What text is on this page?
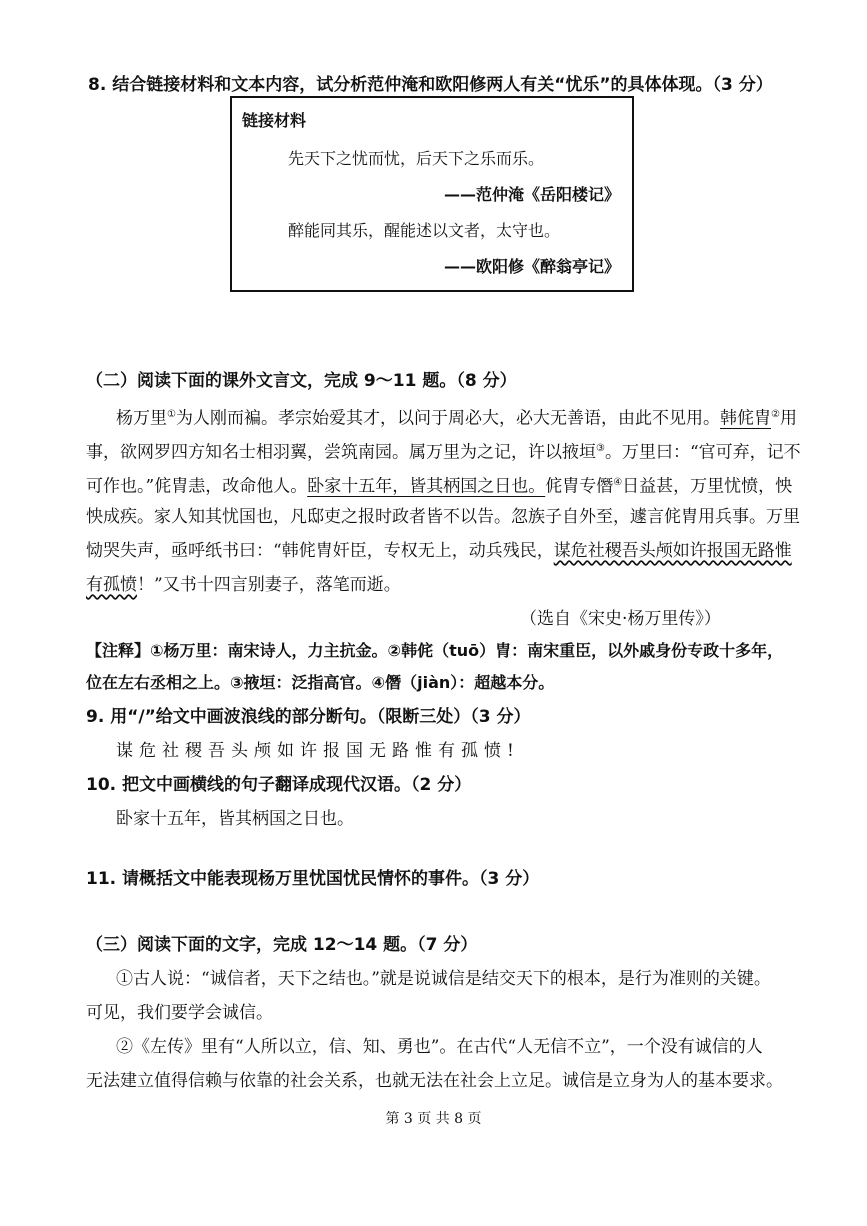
8. 结合链接材料和文本内容，试分析范仲淹和欧阳修两人有关“忧乐”的具体体现。（3 分）
链接材料
先天下之忧而忧，后天下之乐而乐。
——范仲淹《岳阳楼记》
醉能同其乐，醒能述以文者，太守也。
——欧阳修《醉翁亭记》
（二）阅读下面的课外文言文，完成 9～11 题。（8 分）
杨万里①为人刚而褊。孝宗始爱其才，以问于周必大，必大无善语，由此不见用。韩侂胄②用
事，欲网罗四方知名士相羽翼，尝筑南园。属万里为之记，许以掖垣③。万里曰：“官可弃，记不
可作也。”侂胄恚，改命他人。卧家十五年，皆其柄国之日也。侂胄专僭④日益甚，万里忧愤，怏
怏成疾。家人知其忧国也，凡邸吏之报时政者皆不以告。忽族子自外至，遽言侂胄用兵事。万里
恸哭失声，亟呼纸书曰：“韩侂胄奸臣，专权无上，动兵残民，谋危社稷吾头颅如许报国无路惟
有孤愤！”又书十四言别妻子，落笔而逝。
（选自《宋史·杨万里传》）
【注释】①杨万里：南宋诗人，力主抗金。②韩侂（tuō）胄：南宋重臣，以外戚身份专政十多年，
位在左右丞相之上。③掖垣：泛指高官。④僭（jiàn）：超越本分。
9. 用“/”给文中画波浪线的部分断句。（限断三处）（3 分）
谋危社稷吾头颅如许报国无路惟有孤愤!
10. 把文中画横线的句子翻译成现代汉语。（2 分）
卧家十五年，皆其柄国之日也。
11. 请概括文中能表现杨万里忧国忧民情怀的事件。（3 分）
（三）阅读下面的文字，完成 12～14 题。（7 分）
①古人说：“诚信者，天下之结也。”就是说诚信是结交天下的根本，是行为准则的关键。
可见，我们要学会诚信。
②《左传》里有“人所以立，信、知、勇也”。在古代“人无信不立”，一个没有诚信的人
无法建立值得信赖与依靠的社会关系，也就无法在社会上立足。诚信是立身为人的基本要求。
第 3 页 共 8 页
